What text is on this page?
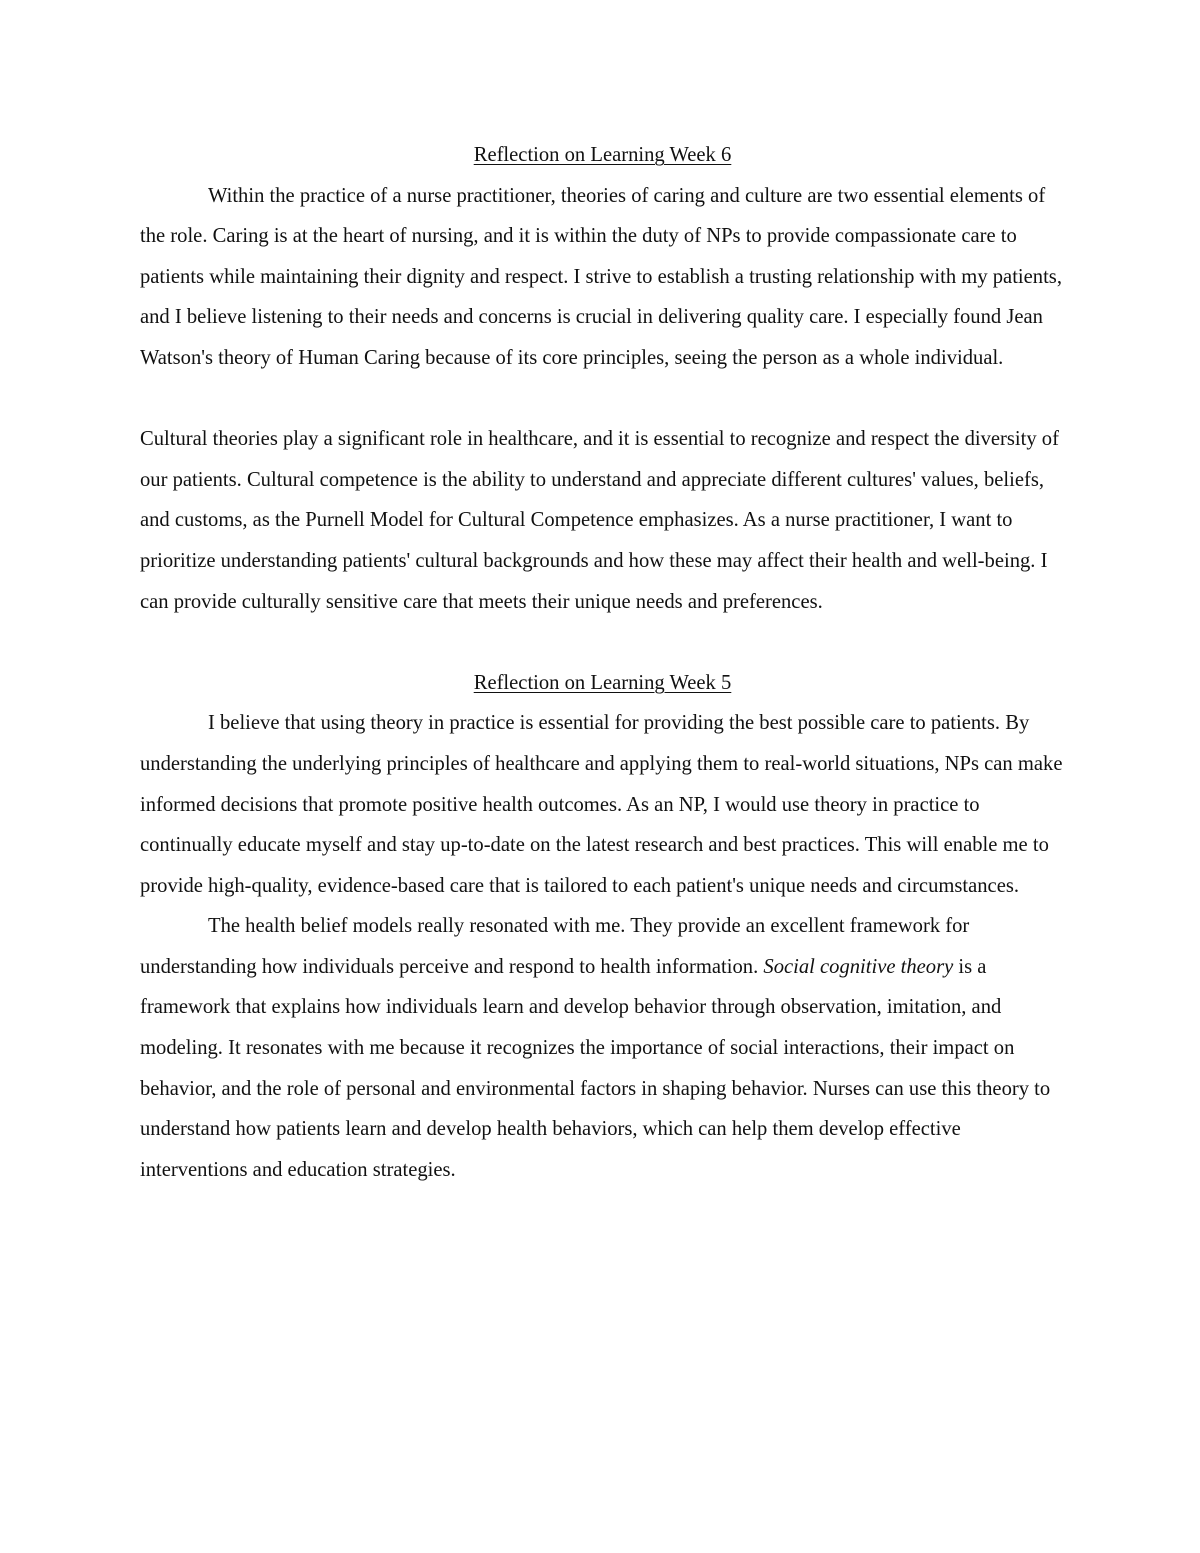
Reflection on Learning Week 6

Within the practice of a nurse practitioner, theories of caring and culture are two essential elements of the role. Caring is at the heart of nursing, and it is within the duty of NPs to provide compassionate care to patients while maintaining their dignity and respect. I strive to establish a trusting relationship with my patients, and I believe listening to their needs and concerns is crucial in delivering quality care. I especially found Jean Watson's theory of Human Caring because of its core principles, seeing the person as a whole individual.

Cultural theories play a significant role in healthcare, and it is essential to recognize and respect the diversity of our patients. Cultural competence is the ability to understand and appreciate different cultures' values, beliefs, and customs, as the Purnell Model for Cultural Competence emphasizes. As a nurse practitioner, I want to prioritize understanding patients' cultural backgrounds and how these may affect their health and well-being. I can provide culturally sensitive care that meets their unique needs and preferences.

Reflection on Learning Week 5

I believe that using theory in practice is essential for providing the best possible care to patients. By understanding the underlying principles of healthcare and applying them to real-world situations, NPs can make informed decisions that promote positive health outcomes. As an NP, I would use theory in practice to continually educate myself and stay up-to-date on the latest research and best practices. This will enable me to provide high-quality, evidence-based care that is tailored to each patient's unique needs and circumstances.

The health belief models really resonated with me. They provide an excellent framework for understanding how individuals perceive and respond to health information. Social cognitive theory is a framework that explains how individuals learn and develop behavior through observation, imitation, and modeling. It resonates with me because it recognizes the importance of social interactions, their impact on behavior, and the role of personal and environmental factors in shaping behavior. Nurses can use this theory to understand how patients learn and develop health behaviors, which can help them develop effective interventions and education strategies.
